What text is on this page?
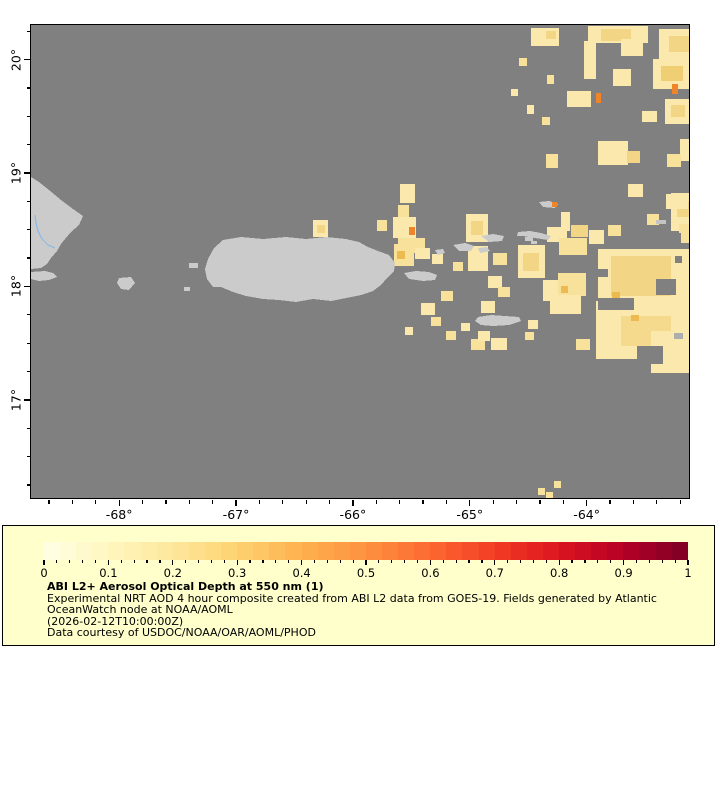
-68°	-67°	-66°	-65°	-64°
20°
19°
18°
17°
0	0.1	0.2	0.3	0.4	0.5	0.6	0.7	0.8	0.9	1
ABI L2+ Aerosol Optical Depth at 550 nm (1)
Experimental NRT AOD 4 hour composite created from ABI L2 data from GOES-19. Fields generated by Atlantic
OceanWatch node at NOAA/AOML
(2026-02-12T10:00:00Z)
Data courtesy of USDOC/NOAA/OAR/AOML/PHOD
